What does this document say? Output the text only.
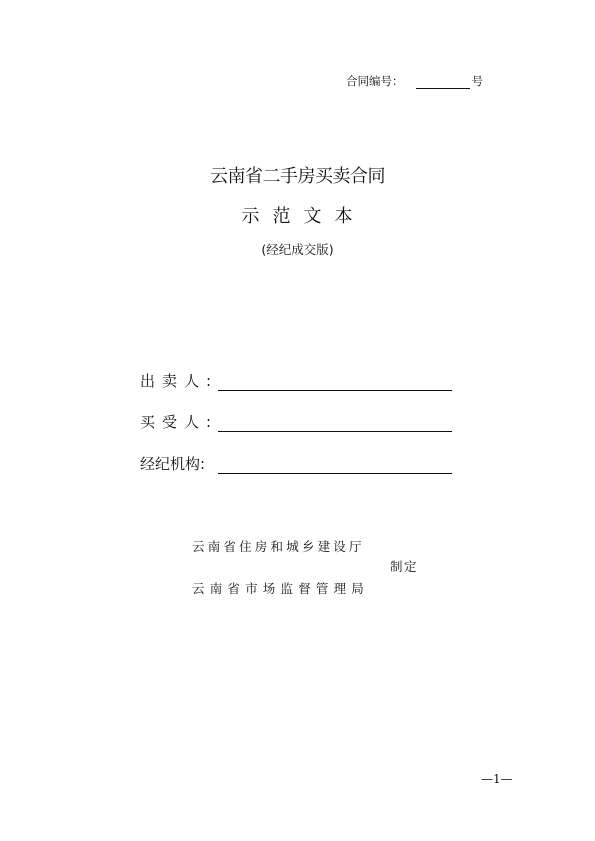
合同编号：	号
云南省二手房买卖合同
示范文本
(经纪成交版)
出卖人:
买受人:
经纪机构:
云南省住房和城乡建设厅
制定
云南省市场监督管理局
—1—
